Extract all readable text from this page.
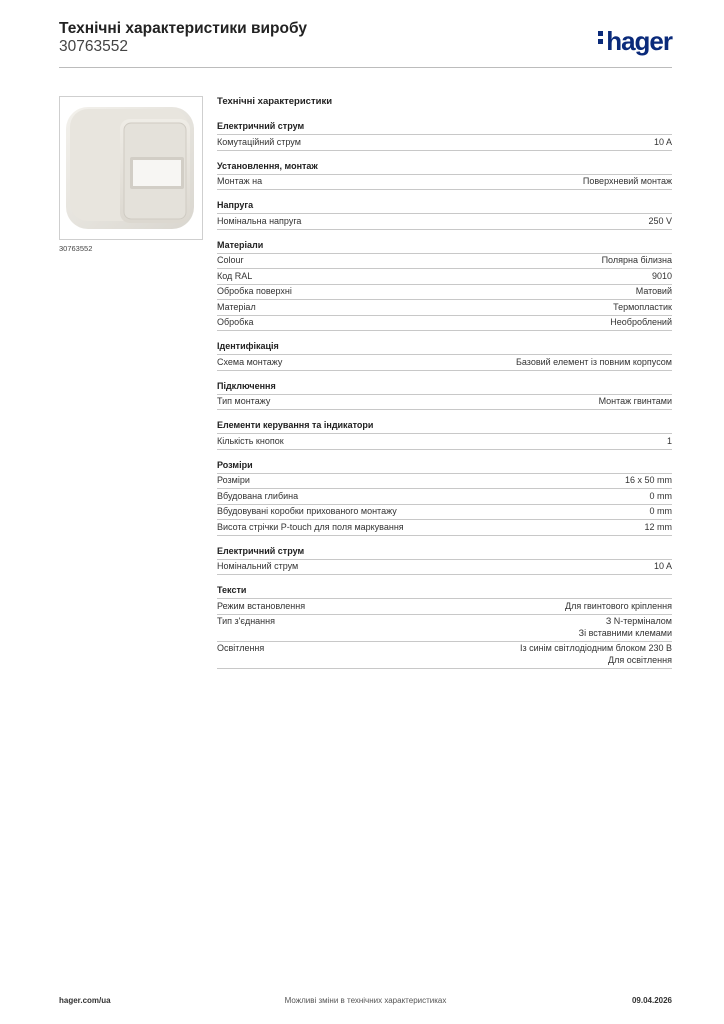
Технічні характеристики виробу
30763552	hager
30763552
Технічні характеристики
Електричний струм
Комутаційний струм	10 A
Установлення, монтаж
Монтаж на	Поверхневий монтаж
Напруга
Номінальна напруга	250 V
Матеріали
Colour	Полярна білизна
Код RAL	9010
Обробка поверхні	Матовий
Матеріал	Термопластик
Обробка	Необроблений
Ідентифікація
Схема монтажу	Базовий елемент із повним корпусом
Підключення
Тип монтажу	Монтаж гвинтами
Елементи керування та індикатори
Кількість кнопок	1
Розміри
Розміри	16 x 50 mm
Вбудована глибина	0 mm
Вбудовувані коробки прихованого монтажу	0 mm
Висота стрічки P-touch для поля маркування	12 mm
Електричний струм
Номінальний струм	10 A
Тексти
Режим встановлення	Для гвинтового кріплення
Тип з'єднання	З N-терміналом
Зі вставними клемами
Освітлення	Із синім світлодіодним блоком 230 В
Для освітлення
hager.com/ua	Можливі зміни в технічних характеристиках	09.04.2026
